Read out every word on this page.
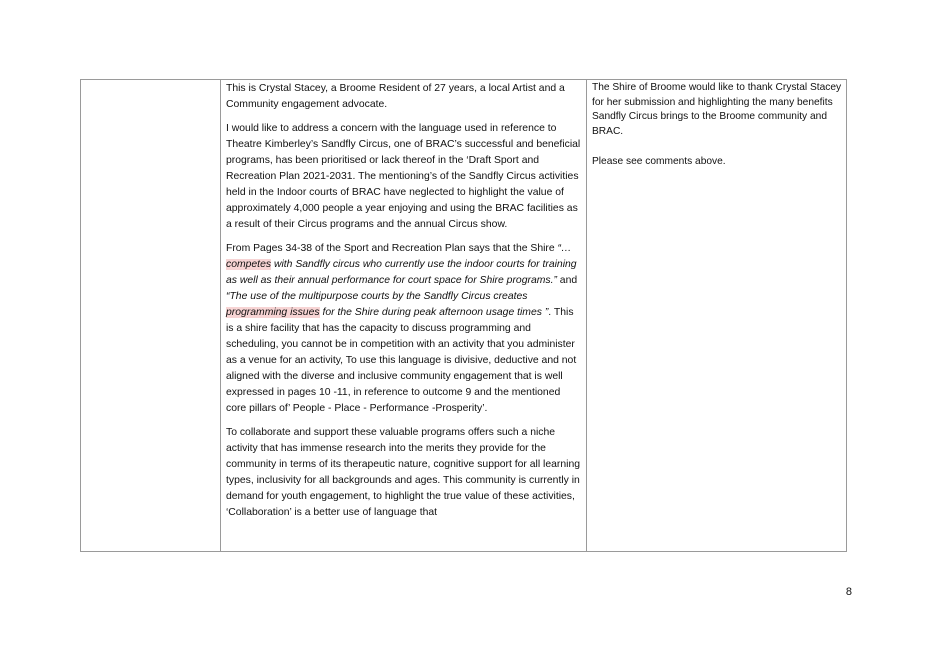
This is Crystal Stacey, a Broome Resident of 27 years, a local Artist and a Community engagement advocate.

I would like to address a concern with the language used in reference to Theatre Kimberley’s Sandfly Circus, one of BRAC’s successful and beneficial programs, has been prioritised or lack thereof in the ‘Draft Sport and Recreation Plan 2021-2031. The mentioning’s of the Sandfly Circus activities held in the Indoor courts of BRAC have neglected to highlight the value of approximately 4,000 people a year enjoying and using the BRAC facilities as a result of their Circus programs and the annual Circus show.

From Pages 34-38 of the Sport and Recreation Plan says that the Shire “…competes with Sandfly circus who currently use the indoor courts for training as well as their annual performance for court space for Shire programs.” and “The use of the multipurpose courts by the Sandfly Circus creates programming issues for the Shire during peak afternoon usage times ”. This is a shire facility that has the capacity to discuss programming and scheduling, you cannot be in competition with an activity that you administer as a venue for an activity, To use this language is divisive, deductive and not aligned with the diverse and inclusive community engagement that is well expressed in pages 10 -11, in reference to outcome 9 and the mentioned core pillars of’ People - Place - Performance -Prosperity’.

To collaborate and support these valuable programs offers such a niche activity that has immense research into the merits they provide for the community in terms of its therapeutic nature, cognitive support for all learning types, inclusivity for all backgrounds and ages. This community is currently in demand for youth engagement, to highlight the true value of these activities, ‘Collaboration’ is a better use of language that

The Shire of Broome would like to thank Crystal Stacey for her submission and highlighting the many benefits Sandfly Circus brings to the Broome community and BRAC.

Please see comments above.

8
